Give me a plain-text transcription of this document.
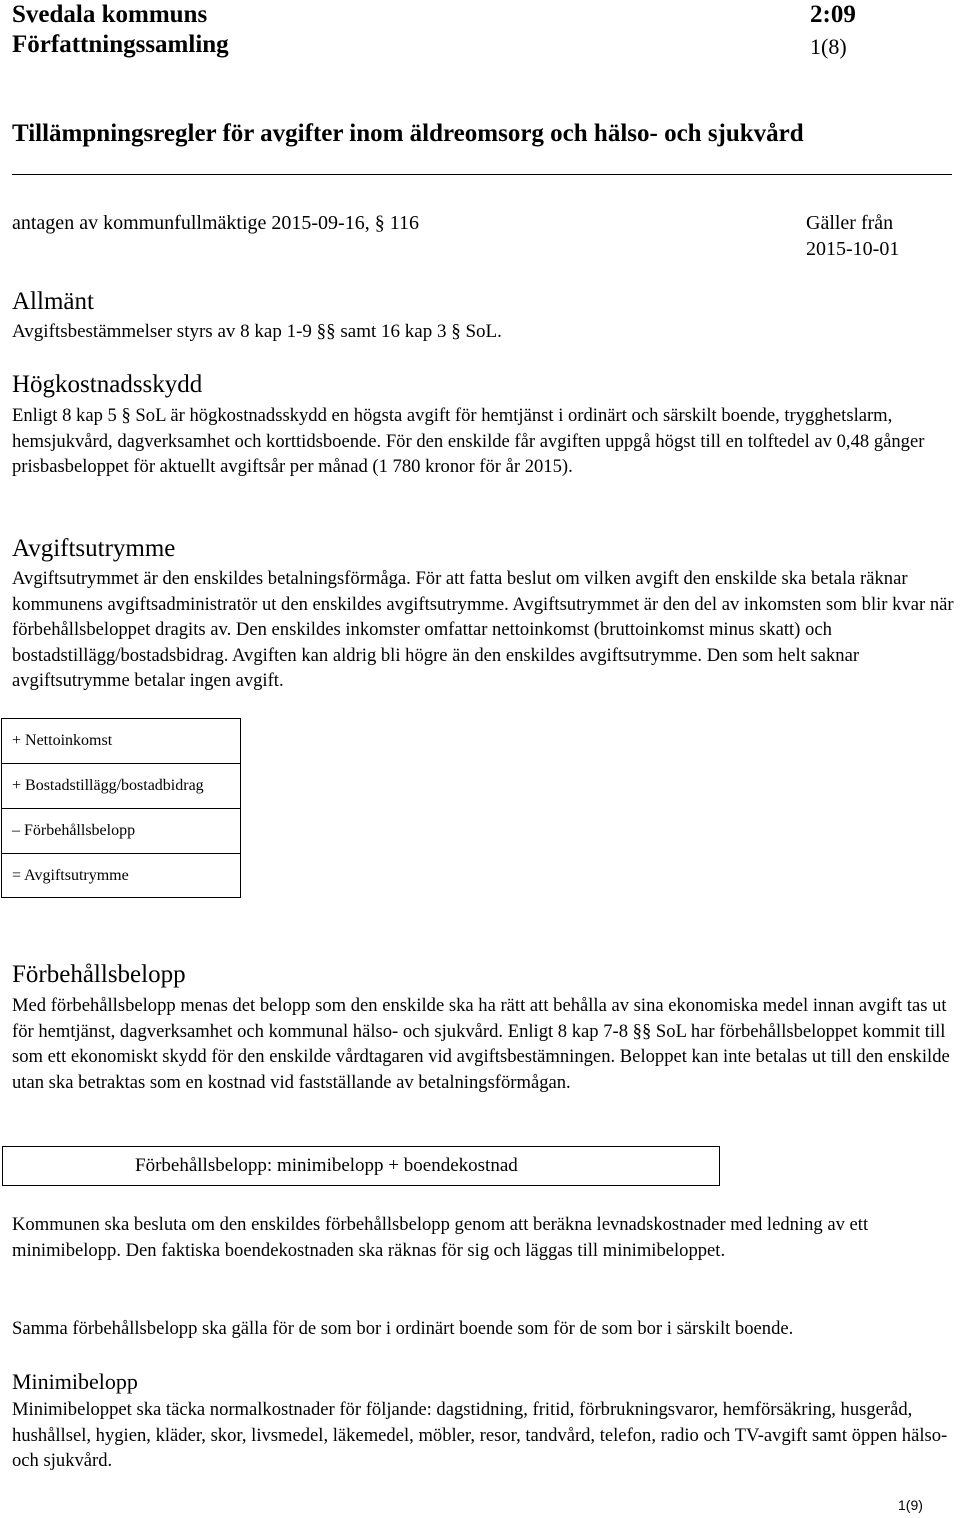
Svedala kommuns
Författningssamling
2:09
1(8)
Tillämpningsregler för avgifter inom äldreomsorg och hälso- och sjukvård
antagen av kommunfullmäktige 2015-09-16, § 116	Gäller från
2015-10-01
Allmänt
Avgiftsbestämmelser styrs av 8 kap 1-9 §§ samt 16 kap 3 § SoL.
Högkostnadsskydd
Enligt 8 kap 5 § SoL är högkostnadsskydd en högsta avgift för hemtjänst i ordinärt och särskilt boende, trygghetslarm, hemsjukvård, dagverksamhet och korttidsboende. För den enskilde får avgiften uppgå högst till en tolftedel av 0,48 gånger prisbasbeloppet för aktuellt avgiftsår per månad (1 780 kronor för år 2015).
Avgiftsutrymme
Avgiftsutrymmet är den enskildes betalningsförmåga. För att fatta beslut om vilken avgift den enskilde ska betala räknar kommunens avgiftsadministratör ut den enskildes avgiftsutrymme. Avgiftsutrymmet är den del av inkomsten som blir kvar när förbehållsbeloppet dragits av. Den enskildes inkomster omfattar nettoinkomst (bruttoinkomst minus skatt) och bostadstillägg/bostadsbidrag. Avgiften kan aldrig bli högre än den enskildes avgiftsutrymme. Den som helt saknar avgiftsutrymme betalar ingen avgift.
+ Nettoinkomst
+ Bostadstillägg/bostadbidrag
– Förbehållsbelopp
= Avgiftsutrymme
Förbehållsbelopp
Med förbehållsbelopp menas det belopp som den enskilde ska ha rätt att behålla av sina ekonomiska medel innan avgift tas ut för hemtjänst, dagverksamhet och kommunal hälso- och sjukvård. Enligt 8 kap 7-8 §§ SoL har förbehållsbeloppet kommit till som ett ekonomiskt skydd för den enskilde vårdtagaren vid avgiftsbestämningen. Beloppet kan inte betalas ut till den enskilde utan ska betraktas som en kostnad vid fastställande av betalningsförmågan.
Förbehållsbelopp: minimibelopp + boendekostnad
Kommunen ska besluta om den enskildes förbehållsbelopp genom att beräkna levnadskostnader med ledning av ett minimibelopp. Den faktiska boendekostnaden ska räknas för sig och läggas till minimibeloppet.
Samma förbehållsbelopp ska gälla för de som bor i ordinärt boende som för de som bor i särskilt boende.
Minimibelopp
Minimibeloppet ska täcka normalkostnader för följande: dagstidning, fritid, förbrukningsvaror, hemförsäkring, husgeråd, hushållsel, hygien, kläder, skor, livsmedel, läkemedel, möbler, resor, tandvård, telefon, radio och TV-avgift samt öppen hälso- och sjukvård.
1(9)
